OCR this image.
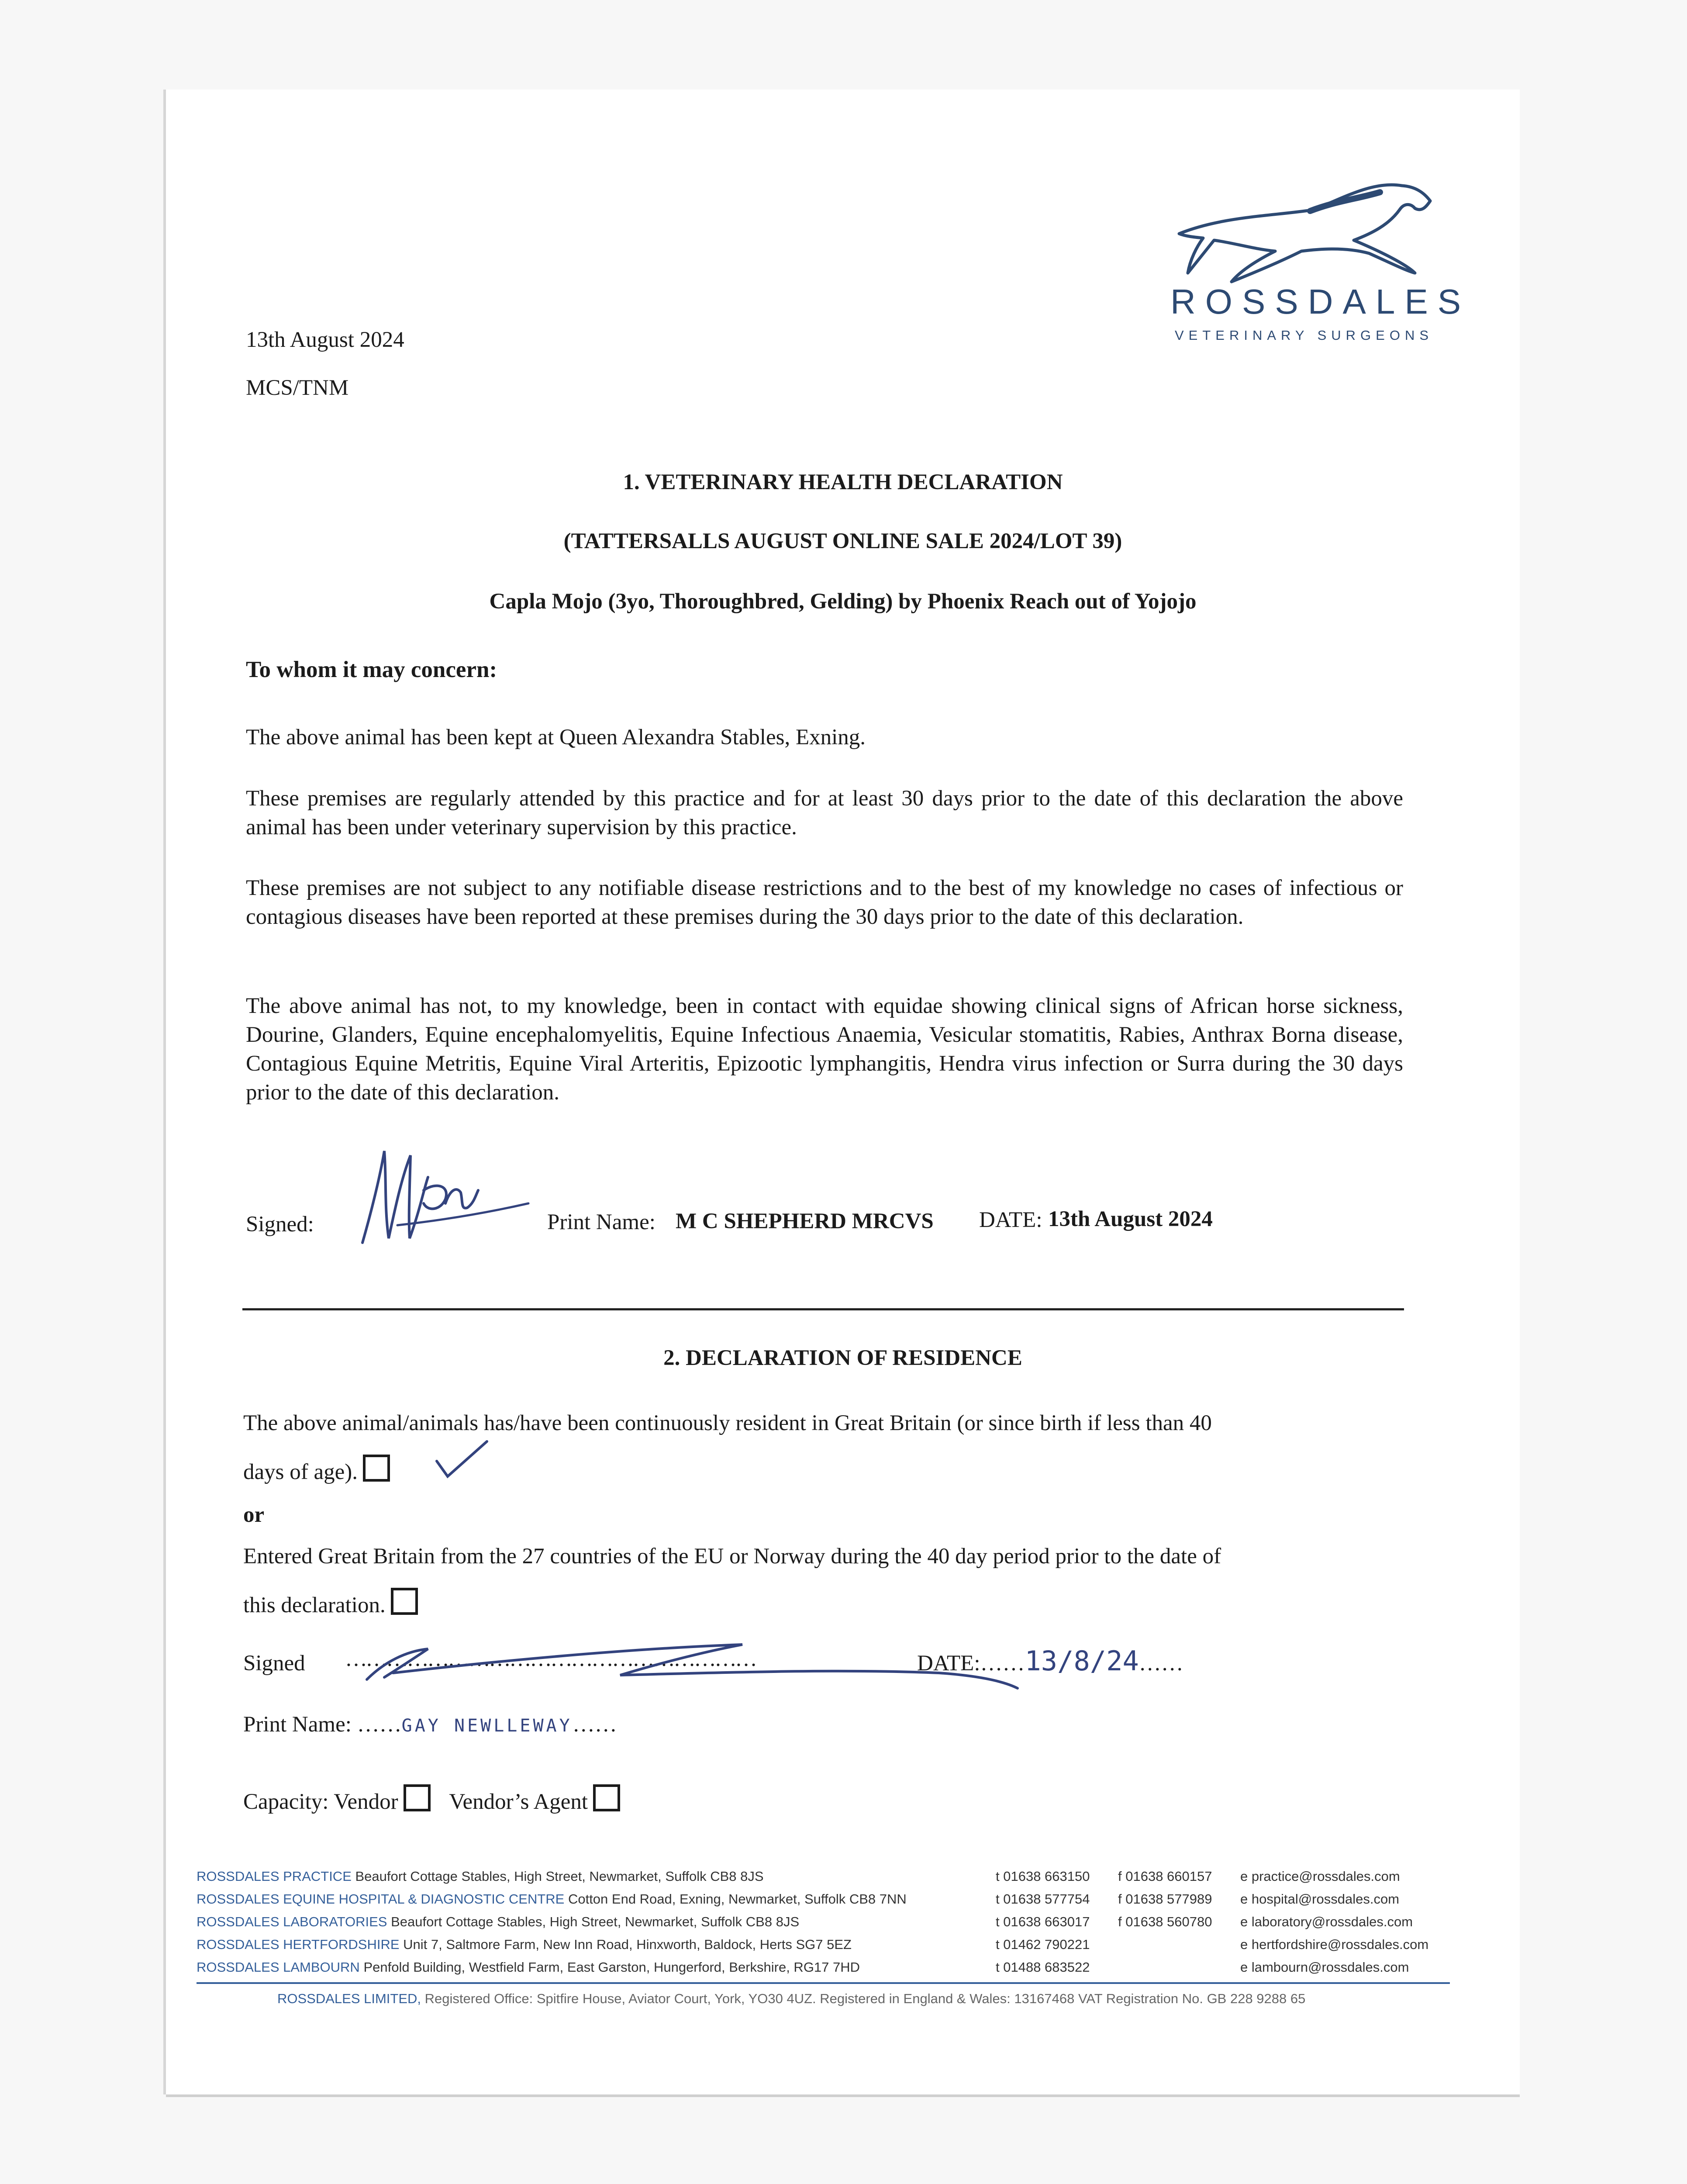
ROSSDALES
VETERINARY SURGEONS
13th August 2024
MCS/TNM
1. VETERINARY HEALTH DECLARATION
(TATTERSALLS AUGUST ONLINE SALE 2024/LOT 39)
Capla Mojo (3yo, Thoroughbred, Gelding) by Phoenix Reach out of Yojojo
To whom it may concern:
The above animal has been kept at Queen Alexandra Stables, Exning.
These premises are regularly attended by this practice and for at least 30 days prior to the date of this declaration the above animal has been under veterinary supervision by this practice.
These premises are not subject to any notifiable disease restrictions and to the best of my knowledge no cases of infectious or contagious diseases have been reported at these premises during the 30 days prior to the date of this declaration.
The above animal has not, to my knowledge, been in contact with equidae showing clinical signs of African horse sickness, Dourine, Glanders, Equine encephalomyelitis, Equine Infectious Anaemia, Vesicular stomatitis, Rabies, Anthrax Borna disease, Contagious Equine Metritis, Equine Viral Arteritis, Epizootic lymphangitis, Hendra virus infection or Surra during the 30 days prior to the date of this declaration.
Signed:	Print Name: M C SHEPHERD MRCVS DATE: 13th August 2024
2. DECLARATION OF RESIDENCE
The above animal/animals has/have been continuously resident in Great Britain (or since birth if less than 40
days of age).
or
Entered Great Britain from the 27 countries of the EU or Norway during the 40 day period prior to the date of
this declaration.
Signed ……………………………………………………	DATE:……13/8/24……
Print Name: ……GAY NEWLLEWAY……
Capacity: Vendor Vendor’s Agent
ROSSDALES PRACTICE Beaufort Cottage Stables, High Street, Newmarket, Suffolk CB8 8JS
ROSSDALES EQUINE HOSPITAL & DIAGNOSTIC CENTRE Cotton End Road, Exning, Newmarket, Suffolk CB8 7NN
ROSSDALES LABORATORIES Beaufort Cottage Stables, High Street, Newmarket, Suffolk CB8 8JS
ROSSDALES HERTFORDSHIRE Unit 7, Saltmore Farm, New Inn Road, Hinxworth, Baldock, Herts SG7 5EZ
ROSSDALES LAMBOURN Penfold Building, Westfield Farm, East Garston, Hungerford, Berkshire, RG17 7HD
t 01638 663150
t 01638 577754
t 01638 663017
t 01462 790221
t 01488 683522
f 01638 660157
f 01638 577989
f 01638 560780
e practice@rossdales.com
e hospital@rossdales.com
e laboratory@rossdales.com
e hertfordshire@rossdales.com
e lambourn@rossdales.com
ROSSDALES LIMITED, Registered Office: Spitfire House, Aviator Court, York, YO30 4UZ. Registered in England & Wales: 13167468 VAT Registration No. GB 228 9288 65
